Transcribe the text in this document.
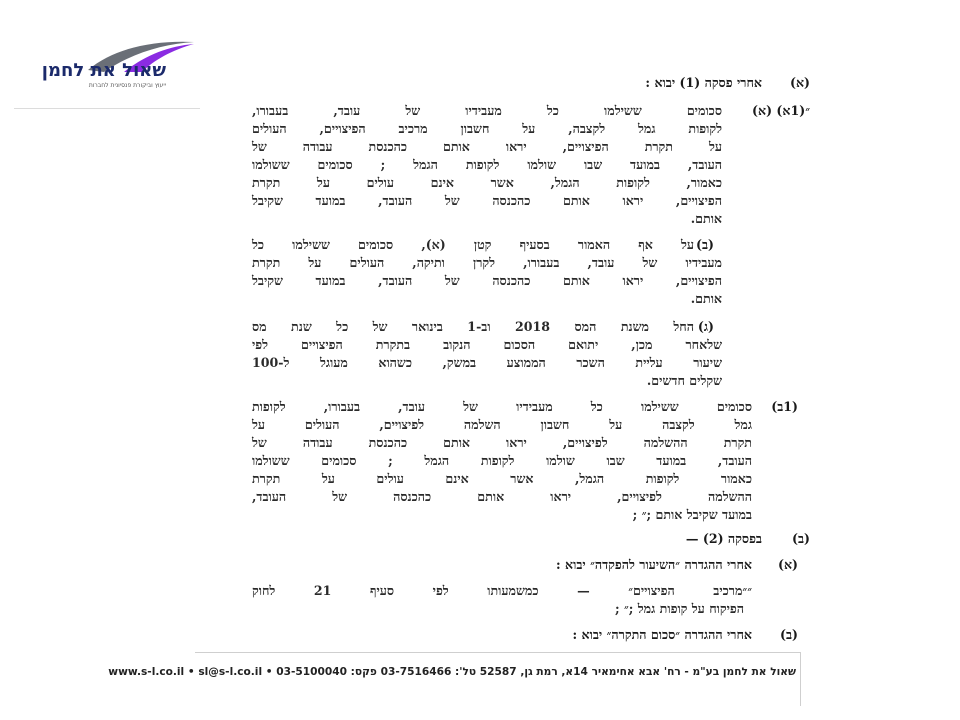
שאול את לחמן
ייעוץ וביקורת פנסיונית לחברות	(א)
אחרי פסקה (1) יבוא :
״(1א) (א)
סכומים ששילמו כל מעבידיו של עובד, בעבורו,
לקופות גמל לקצבה, על חשבון מרכיב הפיצויים, העולים
על תקרת הפיצויים, יראו אותם כהכנסת עבודה של
העובד, במועד שבו שולמו לקופות הגמל ; סכומים ששולמו
כאמור, לקופות הגמל, אשר אינם עולים על תקרת
הפיצויים, יראו אותם כהכנסה של העובד, במועד שקיבל
אותם.
(ב)
על אף האמור בסעיף קטן (א), סכומים ששילמו כל
מעבידיו של עובד, בעבורו, לקרן ותיקה, העולים על תקרת
הפיצויים, יראו אותם כהכנסה של העובד, במועד שקיבל
אותם.
(ג)
החל משנת המס 2018 וב-1 בינואר של כל שנת מס
שלאחר מכן, יתואם הסכום הנקוב בתקרת הפיצויים לפי
שיעור עליית השכר הממוצע במשק, כשהוא מעוגל ל-100
שקלים חדשים.
(1ב)
סכומים ששילמו כל מעבידיו של עובד, בעבורו, לקופות
גמל לקצבה על חשבון השלמה לפיצויים, העולים על
תקרת ההשלמה לפיצויים, יראו אותם כהכנסת עבודה של
העובד, במועד שבו שולמו לקופות הגמל ; סכומים ששולמו
כאמור לקופות הגמל, אשר אינם עולים על תקרת
ההשלמה לפיצויים, יראו אותם כהכנסה של העובד,
במועד שקיבל אותם ;״ ;
(ב)
בפסקה (2) —
(א)
אחרי ההגדרה ״השיעור להפקדה״ יבוא :
״״מרכיב הפיצויים״ — כמשמעותו לפי סעיף 21 לחוק
הפיקוח על קופות גמל ;״ ;
(ב)
אחרי ההגדרה ״סכום התקרה״ יבוא :
שאול את לחמן בע"מ - רח' אבא אחימאיר 14א, רמת גן, 52587 טל': 03-7516466 פקס: 03-5100040 • www.s-l.co.il • sl@s-l.co.il
